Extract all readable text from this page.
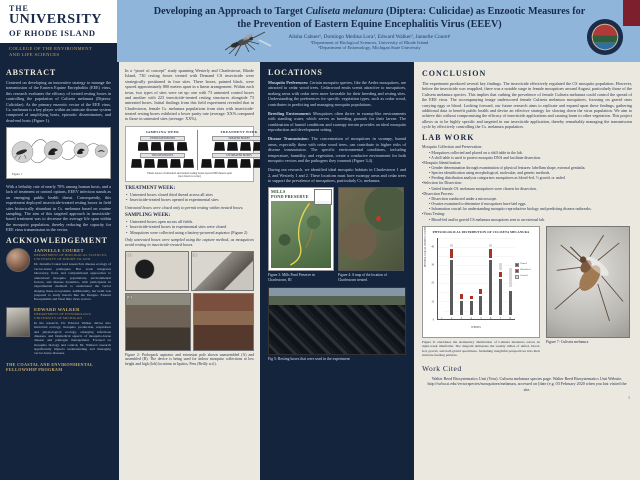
THE
UNIVERSITY
OF RHODE ISLAND
COLLEGE OF THE ENVIRONMENT
AND LIFE SCIENCES
Developing an Approach to Target Culiseta melanura (Diptera: Culicidae) as Enzootic Measures for
the Prevention of Eastern Equine Encephalitis Virus (EEEV)
Alisha Cabuer¹, Domingo Medina Lora¹, Edward Walker², Jannelle Couret¹
¹Department of Biological Sciences, University of Rhode Island
²Department of Entomology, Michigan State University
ABSTRACT

Centered on developing an innovative strategy to manage the transmission of the Eastern Equine Encephalitis (EEE) virus, this research evaluates the efficacy of treated resting boxes in controlling the population of Culiseta melanura (Diptera: Culicidae). As the primary enzootic vector of the EEE virus, Cs. melanura is a key player within an intricate disease system composed of amplifying hosts, epizootic disseminators, and dead-end hosts (Figure 1).

Figure 1

With a lethality rate of nearly 70% among human hosts, and a lack of treatment or control options, EEEV infection stands as an emerging public health threat. Consequently, this experiment deployed insecticide-treated resting boxes in field sites historically abundant in Cs. melanura based on routine sampling. The aim of this targeted approach in insecticide-based treatment was to decrease the average life span within the mosquito population, thereby reducing the capacity for EEE virus transmission in the vector.

ACKNOWLEDGEMENT
JANNELLE COURET
DEPARTMENT OF BIOLOGICAL SCIENCES, UNIVERSITY OF RHODE ISLAND
Dr. Jannelle Couret lead research in disease ecology of vector-borne pathogens. Her work integrates laboratory, field, and computational approaches to understand mosquito populations, environmental factors, and disease dynamics, with participants in experimental methods to understand the vector shaping these ecosystems. Additionally, her team was prepared to study insects like the Dengue, Eastern Encephalitis and West Nile virus vectors.
EDWARD WALKER
DEPARTMENT OF ENTOMOLOGY, UNIVERSITY OF MICHIGAN
In his research, Dr. Edward Walker delves into microbial ecology, mosquito production, respiration and physiological ecology, emerging infectious diseases, and biomedical aspects of mosquito-borne disease and pathogen management. Focused on mosquito biology and control, Dr. Walker's research significantly impacts understanding and managing vector-borne diseases.
THE COASTAL AND ENVIRONMENTAL FELLOWSHIP PROGRAM

In a “proof of concept” study spanning Westerly and Charlestown, Rhode Island, 730 resting boxes treated with Demand CS insecticide were strategically positioned in four sites. These boxes, painted black, were spaced approximately 800 meters apart in a linear arrangement. Within each town, two types of sites were set up: one with 73 untreated control boxes and another with 223 insecticide-treated resting structures alongside 73 untreated boxes. Initial findings from this field experiment revealed that in Charlestown, female Cs. melanura populations from sites with insecticide-treated resting boxes exhibited a lower parity rate (average: XX% compared to those in untreated sites (average: XX%).

SAMPLING WEEK
UNTREATED BOXES
TREATED BOXES
TREATMENT WEEK
TREATED BOXES
UNTREATED BOXES
Visual layout of untreated and treated resting boxes spaced 800 meters apart
(not drawn to scale)
TREATMENT WEEK:
• Untreated boxes closed third thread across all sites
• Insecticide-treated boxes opened in experimental sites
Untreated boxes were closed only to permit resting within treated boxes.
SAMPLING WEEK:
• Untreated boxes open across all fields.
• Insecticide-treated boxes in experimental sites were closed
• Mosquitoes were collected using a battery-powered aspirator (Figure 2)
Only untreated boxes were sampled using the capture method, as mosquitoes avoid resting in insecticide-treated boxes.
(A)	(B)
(C)
Figure 2: Prokopack aspirator and extension pole shown unassembled (A) and assembled (B). The device is being used for indoor mosquito collections at low height and high (loft) locations in Iquitos, Peru (Reilly n.d.).
LOCATIONS

Mosquito Preferences: Certain mosquito species, like the Aedes mosquitoes, are attracted to cedar wood trees. Cedarwood emits scents attractive to mosquitoes, making areas with cedar trees more favorable for their breeding and resting sites. Understanding the preferences for specific vegetation types, such as cedar wood, contributes to predicting and managing mosquito populations.

Breeding Environment: Mosquitoes often thrive in swamp-like environments with standing water, which serves as breeding grounds for their larvae. The combination of humid conditions and swampy terrain provides an ideal mosquito reproduction and development setting.

Disease Transmission: The concentration of mosquitoes in swampy, humid areas, especially those with cedar wood trees, can contribute to higher risks of disease transmission. The specific environmental conditions, including temperature, humidity, and vegetation, create a conducive environment for both mosquito vectors and the pathogens they transmit (Figure 3,4).

During our research, we identified ideal mosquito habitats in Charlestown 1 and 2, and Westerly 1 and 2. These locations must have swampy areas and cedar trees to support the prevalence of mosquitoes, particularly Cs. melanura.

MILLS
POND PRESERVE
Figure 3: Mills Pond Preserve in Charlestown, RI
Figure 4: A map of the location of Charlestown treated.
Fig 5: Resting boxes that were used in the experiment
CONCLUSION

The experiment produced several key findings. The insecticide effectively regulated the CS mosquito population. However, before the insecticide was reapplied, there was a notable surge in female mosquitoes around August, particularly those of the Culiseta melanura species. This implies that curbing the prevalence of female Culiseta melanura could control the spread of the EEE virus. The accompanying image underscored female Culiseta melanura mosquitoes, focusing on gravid ones carrying eggs or blood. Looking forward, our future research aims to replicate and expand upon these findings, gathering additional data to benefit public health and devise an effective strategy for slowing down the virus population. We aim to achieve this without compromising the efficacy of insecticide applications and causing harm to other vegetation. This project allows us to be highly specific and targeted in our insecticide application, thereby remarkably managing the transmission cycle by effectively controlling the Cs. melanura population.

LAB WORK
Mosquito Collection and Preservation:
• Mosquitoes collected and placed on a chill table in the lab.
• A chill table is used to protect mosquito DNA and facilitate dissection.
•Mosquito Identification:
• Gender determination through examination of physical features: labellum shape, external genitalia.
• Species identification using morphological, molecular, and genetic methods.
• Feeding distribution analysis categorizes mosquitoes as blood-fed, ½ gravid, or unfed.
•Selection for Dissection:
• Unfed female CS. melanura mosquitoes were chosen for dissection.
•Dissection Process:
• Dissection conducted under a microscope.
• Ovaries examined to determine if mosquitoes have laid eggs.
• Information crucial for understanding mosquito reproductive biology and predicting disease outbreaks.
•Virus Testing:
• Blood-fed and/or gravid CS melanura mosquitoes sent to an external lab.
PHYSIOLOGICAL DISTRIBUTION OF CULISETA MELANURA
PHYSIOLOGICAL STATUS COUNT
0
10
20
30
40
1	2	3	4	5	6	7	8
WEEKS
Unfed
Blood-fed
Gravid
Figure 6: elucidates the elementary distribution of Culiseta melanura across an eight-week timeframe. The diagram delineates the weekly tallies of unfed, blood-fed, gravid, and half-gravid specimens, furnishing insightful perspectives into their intricate feeding patterns.
Figure 7: Culiseta melanura
Work Cited
Walter Reed Biosystematics Unit (Year). Culiseta melanura species page. Walter Reed Biosystematics Unit Website, http://wrbu.si.edu/vectorspecies/mosquitoes/melanura, accessed on [date (e.g. 03 February 2020 when you last visited the site.
3
